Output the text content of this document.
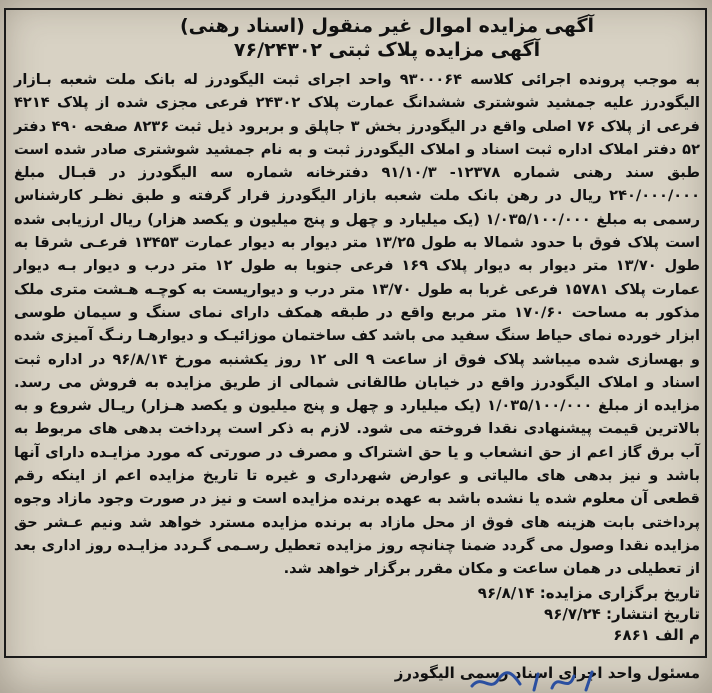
آگهی مزایده اموال غیر منقول (اسناد رهنی)
آگهی مزایده پلاک ثبتی ۷۶/۲۴۳۰۲

به موجب پرونده اجرائی کلاسه ۹۳۰۰۰۶۴ واحد اجرای ثبت الیگودرز له بانک ملت شعبه بـازار الیگودرز علیه جمشید شوشتری ششدانگ عمارت پلاک ۲۴۳۰۲ فرعی مجزی شده از پلاک ۴۲۱۴ فرعی از پلاک ۷۶ اصلی واقع در الیگودرز بخش ۳ جاپلق و بربرود ذیل ثبت ۸۲۳۶ صفحه ۴۹۰ دفتر ۵۲ دفتر املاک اداره ثبت اسناد و املاک الیگودرز ثبت و به نام جمشید شوشتری صادر شده است طبق سند رهنی شماره ۱۲۳۷۸- ۹۱/۱۰/۳ دفترخانه شماره سه الیگودرز در قبـال مبلغ ۲۴۰/۰۰۰/۰۰۰ ریال در رهن بانک ملت شعبه بازار الیگودرز قرار گرفته و طبق نظـر کارشناس رسمی به مبلغ ۱/۰۳۵/۱۰۰/۰۰۰ (یک میلیارد و چهل و پنج میلیون و یکصد هزار) ریال ارزیابی شده است پلاک فوق با حدود شمالا به طول ۱۳/۲۵ متر دیوار به دیوار عمارت ۱۳۴۵۳ فرعـی شرقا به طول ۱۳/۷۰ متر دیوار به دیوار پلاک ۱۶۹ فرعی جنوبا به طول ۱۲ متر درب و دیوار بـه دیوار عمارت پلاک ۱۵۷۸۱ فرعی غربا به طول ۱۳/۷۰ متر درب و دیواریست به کوچـه هـشت متری ملک مذکور به مساحت ۱۷۰/۶۰ متر مربع واقع در طبقه همکف دارای نمای سنگ و سیمان طوسی ابزار خورده نمای حیاط سنگ سفید می باشد کف ساختمان موزائیـک و دیوارهـا رنـگ آمیزی شده و بهسازی شده میباشد پلاک فوق از ساعت ۹ الی ۱۲ روز یکشنبه مورخ ۹۶/۸/۱۴ در اداره ثبت اسناد و املاک الیگودرز واقع در خیابان طالقانی شمالی از طریق مزایده به فروش می رسد. مزایده از مبلغ ۱/۰۳۵/۱۰۰/۰۰۰ (یک میلیارد و چهل و پنج میلیون و یکصد هـزار) ریـال شروع و به بالاترین قیمت پیشنهادی نقدا فروخته می شود. لازم به ذکر است پرداخت بدهی های مربوط به آب برق گاز اعم از حق انشعاب و یا حق اشتراک و مصرف در صورتی که مورد مزایـده دارای آنها باشد و نیز بدهی های مالیاتی و عوارض شهرداری و غیره تا تاریخ مزایده اعم از اینکه رقم قطعی آن معلوم شده یا نشده باشد به عهده برنده مزایده است و نیز در صورت وجود مازاد وجوه پرداختی بابت هزینه های فوق از محل مازاد به برنده مزایده مسترد خواهد شد ونیم عـشر حق مزایده نقدا وصول می گردد ضمنا چنانچه روز مزایده تعطیل رسـمی گـردد مزایـده روز اداری بعد از تعطیلی در همان ساعت و مکان مقرر برگزار خواهد شد.

تاریخ برگزاری مزایده: ۹۶/۸/۱۴
تاریخ انتشار: ۹۶/۷/۲۴
م الف ۶۸۶۱
مسئول واحد اجرای اسناد رسمی الیگودرز
